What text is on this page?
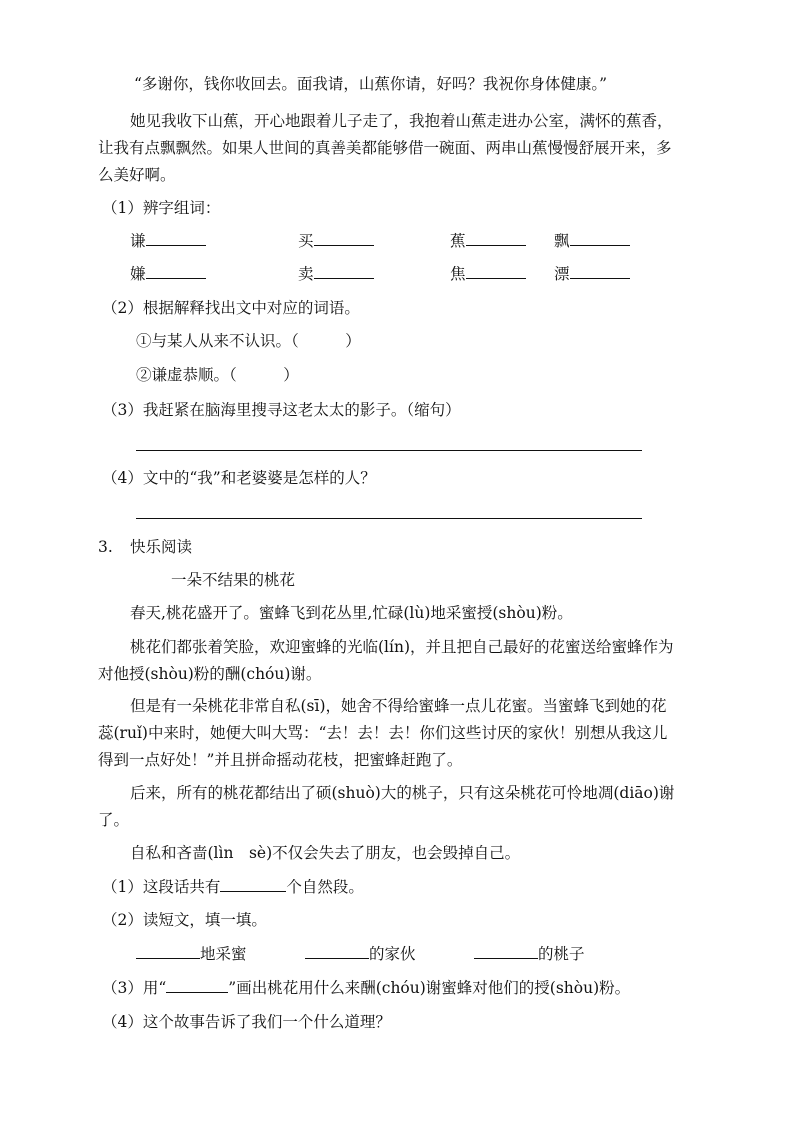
“多谢你，钱你收回去。面我请，山蕉你请，好吗？我祝你身体健康。”
她见我收下山蕉，开心地跟着儿子走了，我抱着山蕉走进办公室，满怀的蕉香，
让我有点飘飘然。如果人世间的真善美都能够借一碗面、两串山蕉慢慢舒展开来，多
么美好啊。
（1）辨字组词：
谦	买	蕉	飘
嫌	卖	焦	漂
（2）根据解释找出文中对应的词语。
①与某人从来不认识。（　　　）
②谦虚恭顺。（　　　）
（3）我赶紧在脑海里搜寻这老太太的影子。（缩句）
（4）文中的“我”和老婆婆是怎样的人？
3. 快乐阅读
一朵不结果的桃花
春天,桃花盛开了。蜜蜂飞到花丛里,忙碌(lù)地采蜜授(shòu)粉。
桃花们都张着笑脸，欢迎蜜蜂的光临(lín)，并且把自己最好的花蜜送给蜜蜂作为
对他授(shòu)粉的酬(chóu)谢。
但是有一朵桃花非常自私(sī)，她舍不得给蜜蜂一点儿花蜜。当蜜蜂飞到她的花
蕊(ruǐ)中来时，她便大叫大骂：“去！去！去！你们这些讨厌的家伙！别想从我这儿
得到一点好处！”并且拼命摇动花枝，把蜜蜂赶跑了。
后来，所有的桃花都结出了硕(shuò)大的桃子，只有这朵桃花可怜地凋(diāo)谢
了。
自私和吝啬(lìn　sè)不仅会失去了朋友，也会毁掉自己。
（1）这段话共有	个自然段。
（2）读短文，填一填。
地采蜜	的家伙	的桃子
（3）用“	”画出桃花用什么来酬(chóu)谢蜜蜂对他们的授(shòu)粉。
（4）这个故事告诉了我们一个什么道理？
